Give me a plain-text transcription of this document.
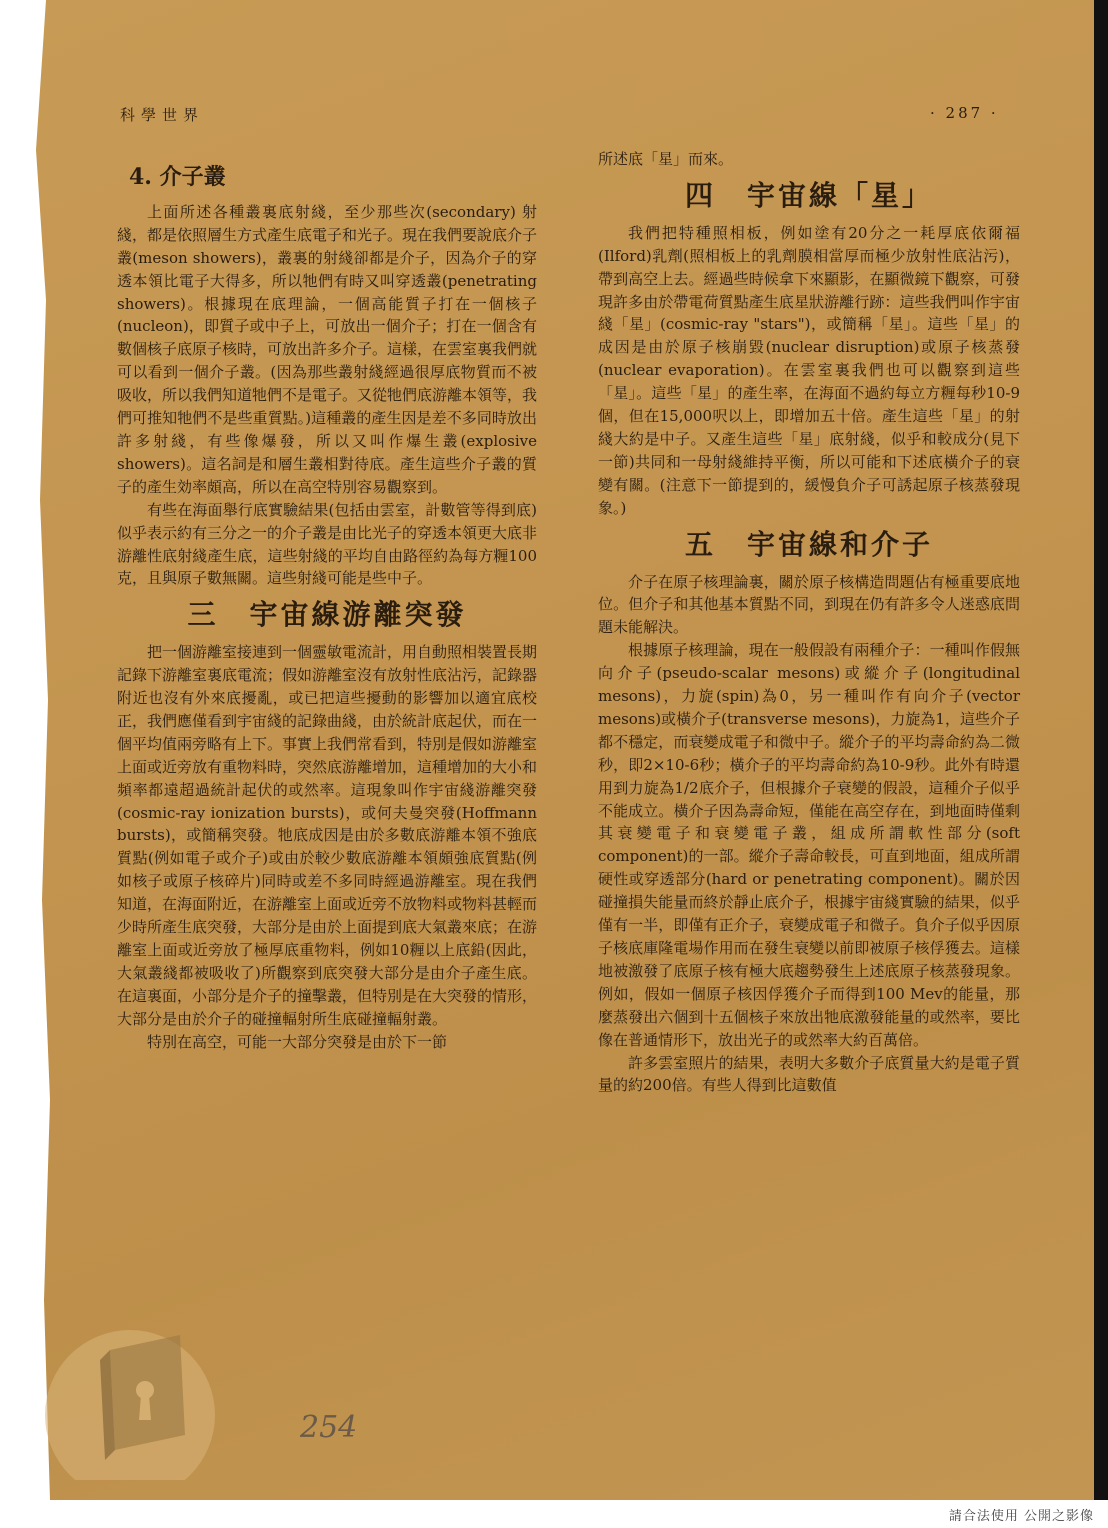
科學世界	· 287 ·
4. 介子叢

上面所述各種叢裏底射綫，至少那些次(secondary) 射綫，都是依照層生方式產生底電子和光子。現在我們要說底介子叢(meson showers)，叢裏的射綫卻都是介子，因為介子的穿透本領比電子大得多，所以牠們有時又叫穿透叢(penetrating showers)。根據現在底理論，一個高能質子打在一個核子(nucleon)，即質子或中子上，可放出一個介子；打在一個含有數個核子底原子核時，可放出許多介子。這樣，在雲室裏我們就可以看到一個介子叢。(因為那些叢射綫經過很厚底物質而不被吸收，所以我們知道牠們不是電子。又從牠們底游離本領等，我們可推知牠們不是些重質點。)這種叢的產生因是差不多同時放出許多射綫，有些像爆發，所以又叫作爆生叢(explosive showers)。這名詞是和層生叢相對待底。產生這些介子叢的質子的產生効率頗高，所以在高空特別容易觀察到。

有些在海面舉行底實驗結果(包括由雲室，計數管等得到底)似乎表示約有三分之一的介子叢是由比光子的穿透本領更大底非游離性底射綫產生底，這些射綫的平均自由路徑約為每方糎100克，且與原子數無關。這些射綫可能是些中子。

三　宇宙線游離突發

把一個游離室接連到一個靈敏電流計，用自動照相裝置長期記錄下游離室裏底電流；假如游離室沒有放射性底沾污，記錄器附近也沒有外來底擾亂，或已把這些擾動的影響加以適宜底校正，我們應僅看到宇宙綫的記錄曲綫，由於統計底起伏，而在一個平均值兩旁略有上下。事實上我們常看到，特別是假如游離室上面或近旁放有重物料時，突然底游離增加，這種增加的大小和頻率都遠超過統計起伏的或然率。這現象叫作宇宙綫游離突發(cosmic-ray ionization bursts)，或何夫曼突發(Hoffmann bursts)，或簡稱突發。牠底成因是由於多數底游離本領不強底質點(例如電子或介子)或由於較少數底游離本領頗強底質點(例如核子或原子核碎片)同時或差不多同時經過游離室。現在我們知道，在海面附近，在游離室上面或近旁不放物料或物料甚輕而少時所產生底突發，大部分是由於上面提到底大氣叢來底；在游離室上面或近旁放了極厚底重物料，例如10糎以上底鉛(因此，大氣叢綫都被吸收了)所觀察到底突發大部分是由介子產生底。在這裏面，小部分是介子的撞擊叢，但特別是在大突發的情形，大部分是由於介子的碰撞輻射所生底碰撞輻射叢。

特別在高空，可能一大部分突發是由於下一節

所述底「星」而來。

四　宇宙線「星」

我們把特種照相板，例如塗有20分之一耗厚底依爾福(Ilford)乳劑(照相板上的乳劑膜相當厚而極少放射性底沾污)，帶到高空上去。經過些時候拿下來顯影，在顯微鏡下觀察，可發現許多由於帶電荷質點產生底星狀游離行跡：這些我們叫作宇宙綫「星」(cosmic-ray "stars")，或簡稱「星」。這些「星」的成因是由於原子核崩毀(nuclear disruption)或原子核蒸發(nuclear evaporation)。在雲室裏我們也可以觀察到這些「星」。這些「星」的產生率，在海面不過約每立方糎每秒10-9個，但在15,000呎以上，即增加五十倍。產生這些「星」的射綫大約是中子。又產生這些「星」底射綫，似乎和較成分(見下一節)共同和一母射綫維持平衡，所以可能和下述底橫介子的衰變有關。(注意下一節提到的，緩慢負介子可誘起原子核蒸發現象。)

五　宇宙線和介子

介子在原子核理論裏，關於原子核構造問題佔有極重要底地位。但介子和其他基本質點不同，到現在仍有許多令人迷惑底問題未能解決。

根據原子核理論，現在一般假設有兩種介子：一種叫作假無向介子(pseudo-scalar mesons)或縱介子(longitudinal mesons)，力旋(spin)為0，另一種叫作有向介子(vector mesons)或橫介子(transverse mesons)，力旋為1，這些介子都不穩定，而衰變成電子和微中子。縱介子的平均壽命約為二微秒，即2×10-6秒；橫介子的平均壽命約為10-9秒。此外有時還用到力旋為1/2底介子，但根據介子衰變的假設，這種介子似乎不能成立。橫介子因為壽命短，僅能在高空存在，到地面時僅剩其衰變電子和衰變電子叢，組成所謂軟性部分(soft component)的一部。縱介子壽命較長，可直到地面，組成所謂硬性或穿透部分(hard or penetrating component)。關於因碰撞損失能量而終於靜止底介子，根據宇宙綫實驗的結果，似乎僅有一半，即僅有正介子，衰變成電子和微子。負介子似乎因原子核底庫隆電場作用而在發生衰變以前即被原子核俘獲去。這樣地被激發了底原子核有極大底趨勢發生上述底原子核蒸發現象。例如，假如一個原子核因俘獲介子而得到100 Mev的能量，那麼蒸發出六個到十五個核子來放出牠底激發能量的或然率，要比像在普通情形下，放出光子的或然率大約百萬倍。

許多雲室照片的結果，表明大多數介子底質量大約是電子質量的約200倍。有些人得到比這數值

254
請合法使用 公開之影像
